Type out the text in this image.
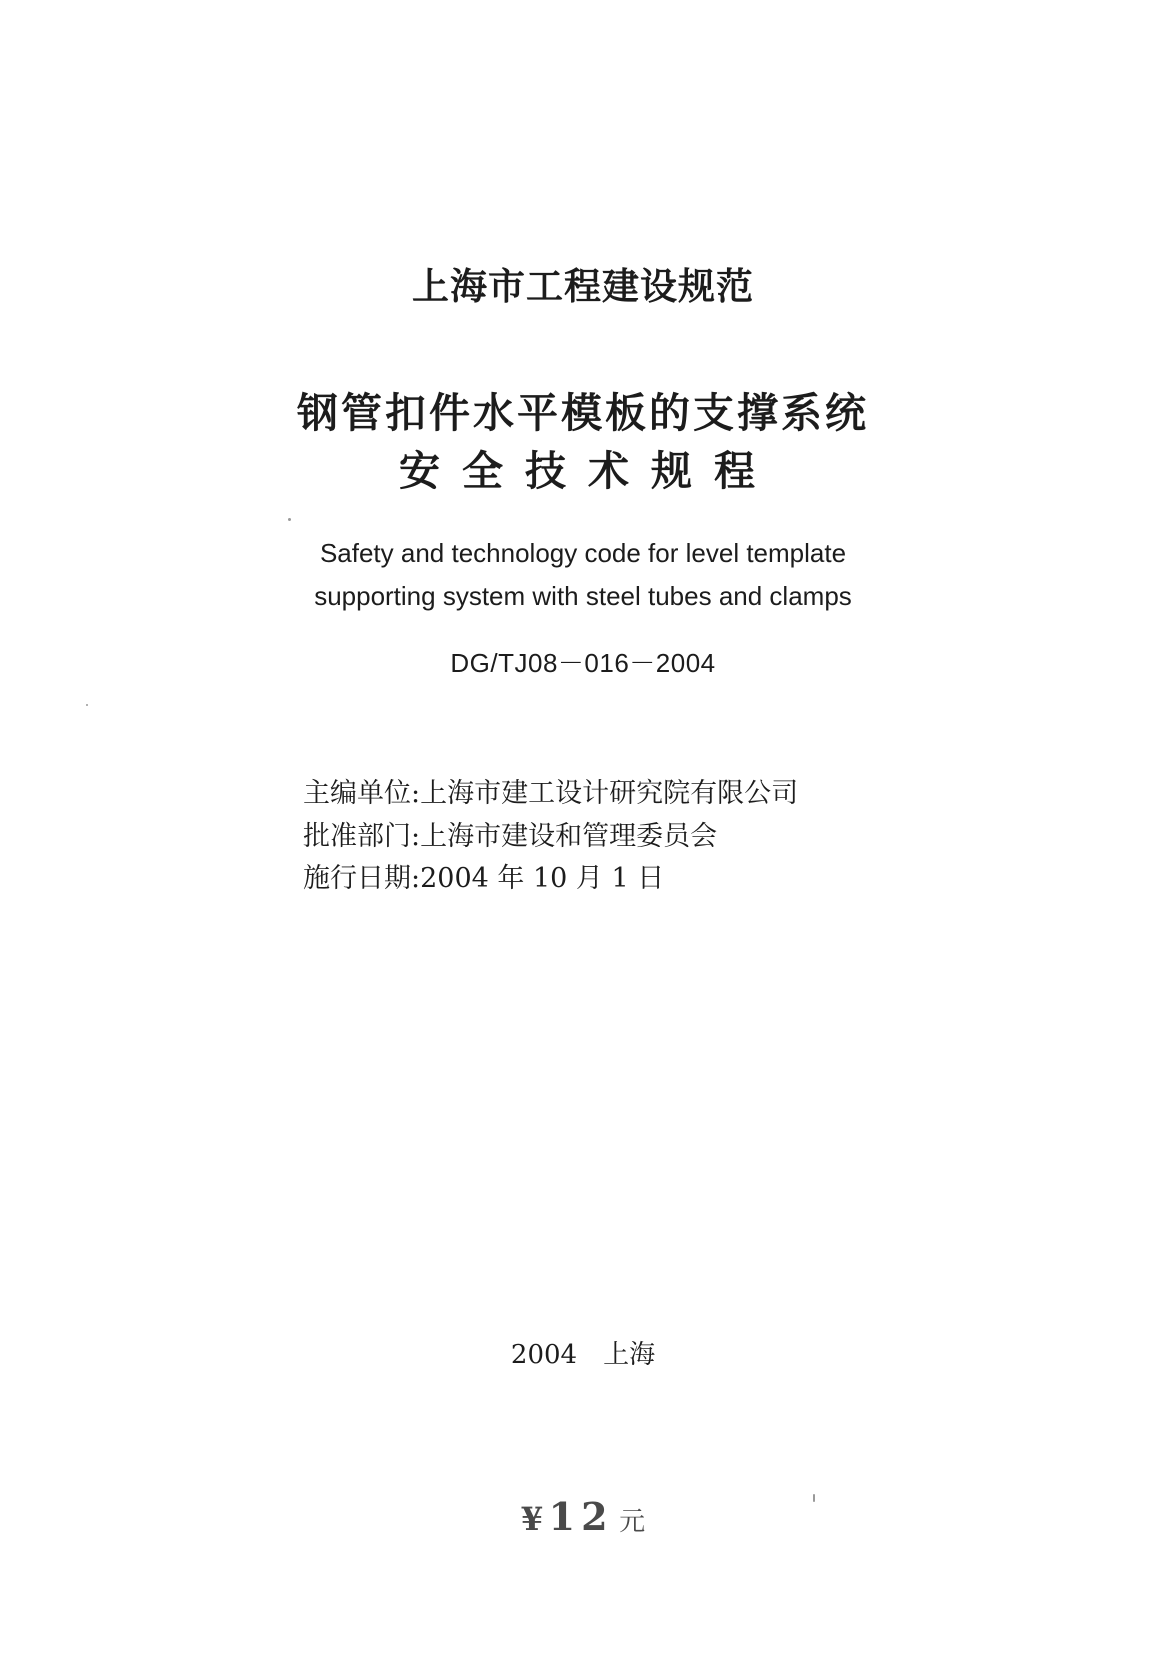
上海市工程建设规范
钢管扣件水平模板的支撑系统
安全技术规程
Safety and technology code for level template
supporting system with steel tubes and clamps
DG/TJ08－016－2004
主编单位:上海市建工设计研究院有限公司
批准部门:上海市建设和管理委员会
施行日期:2004 年 10 月 1 日
2004　上海
¥ 12 元
